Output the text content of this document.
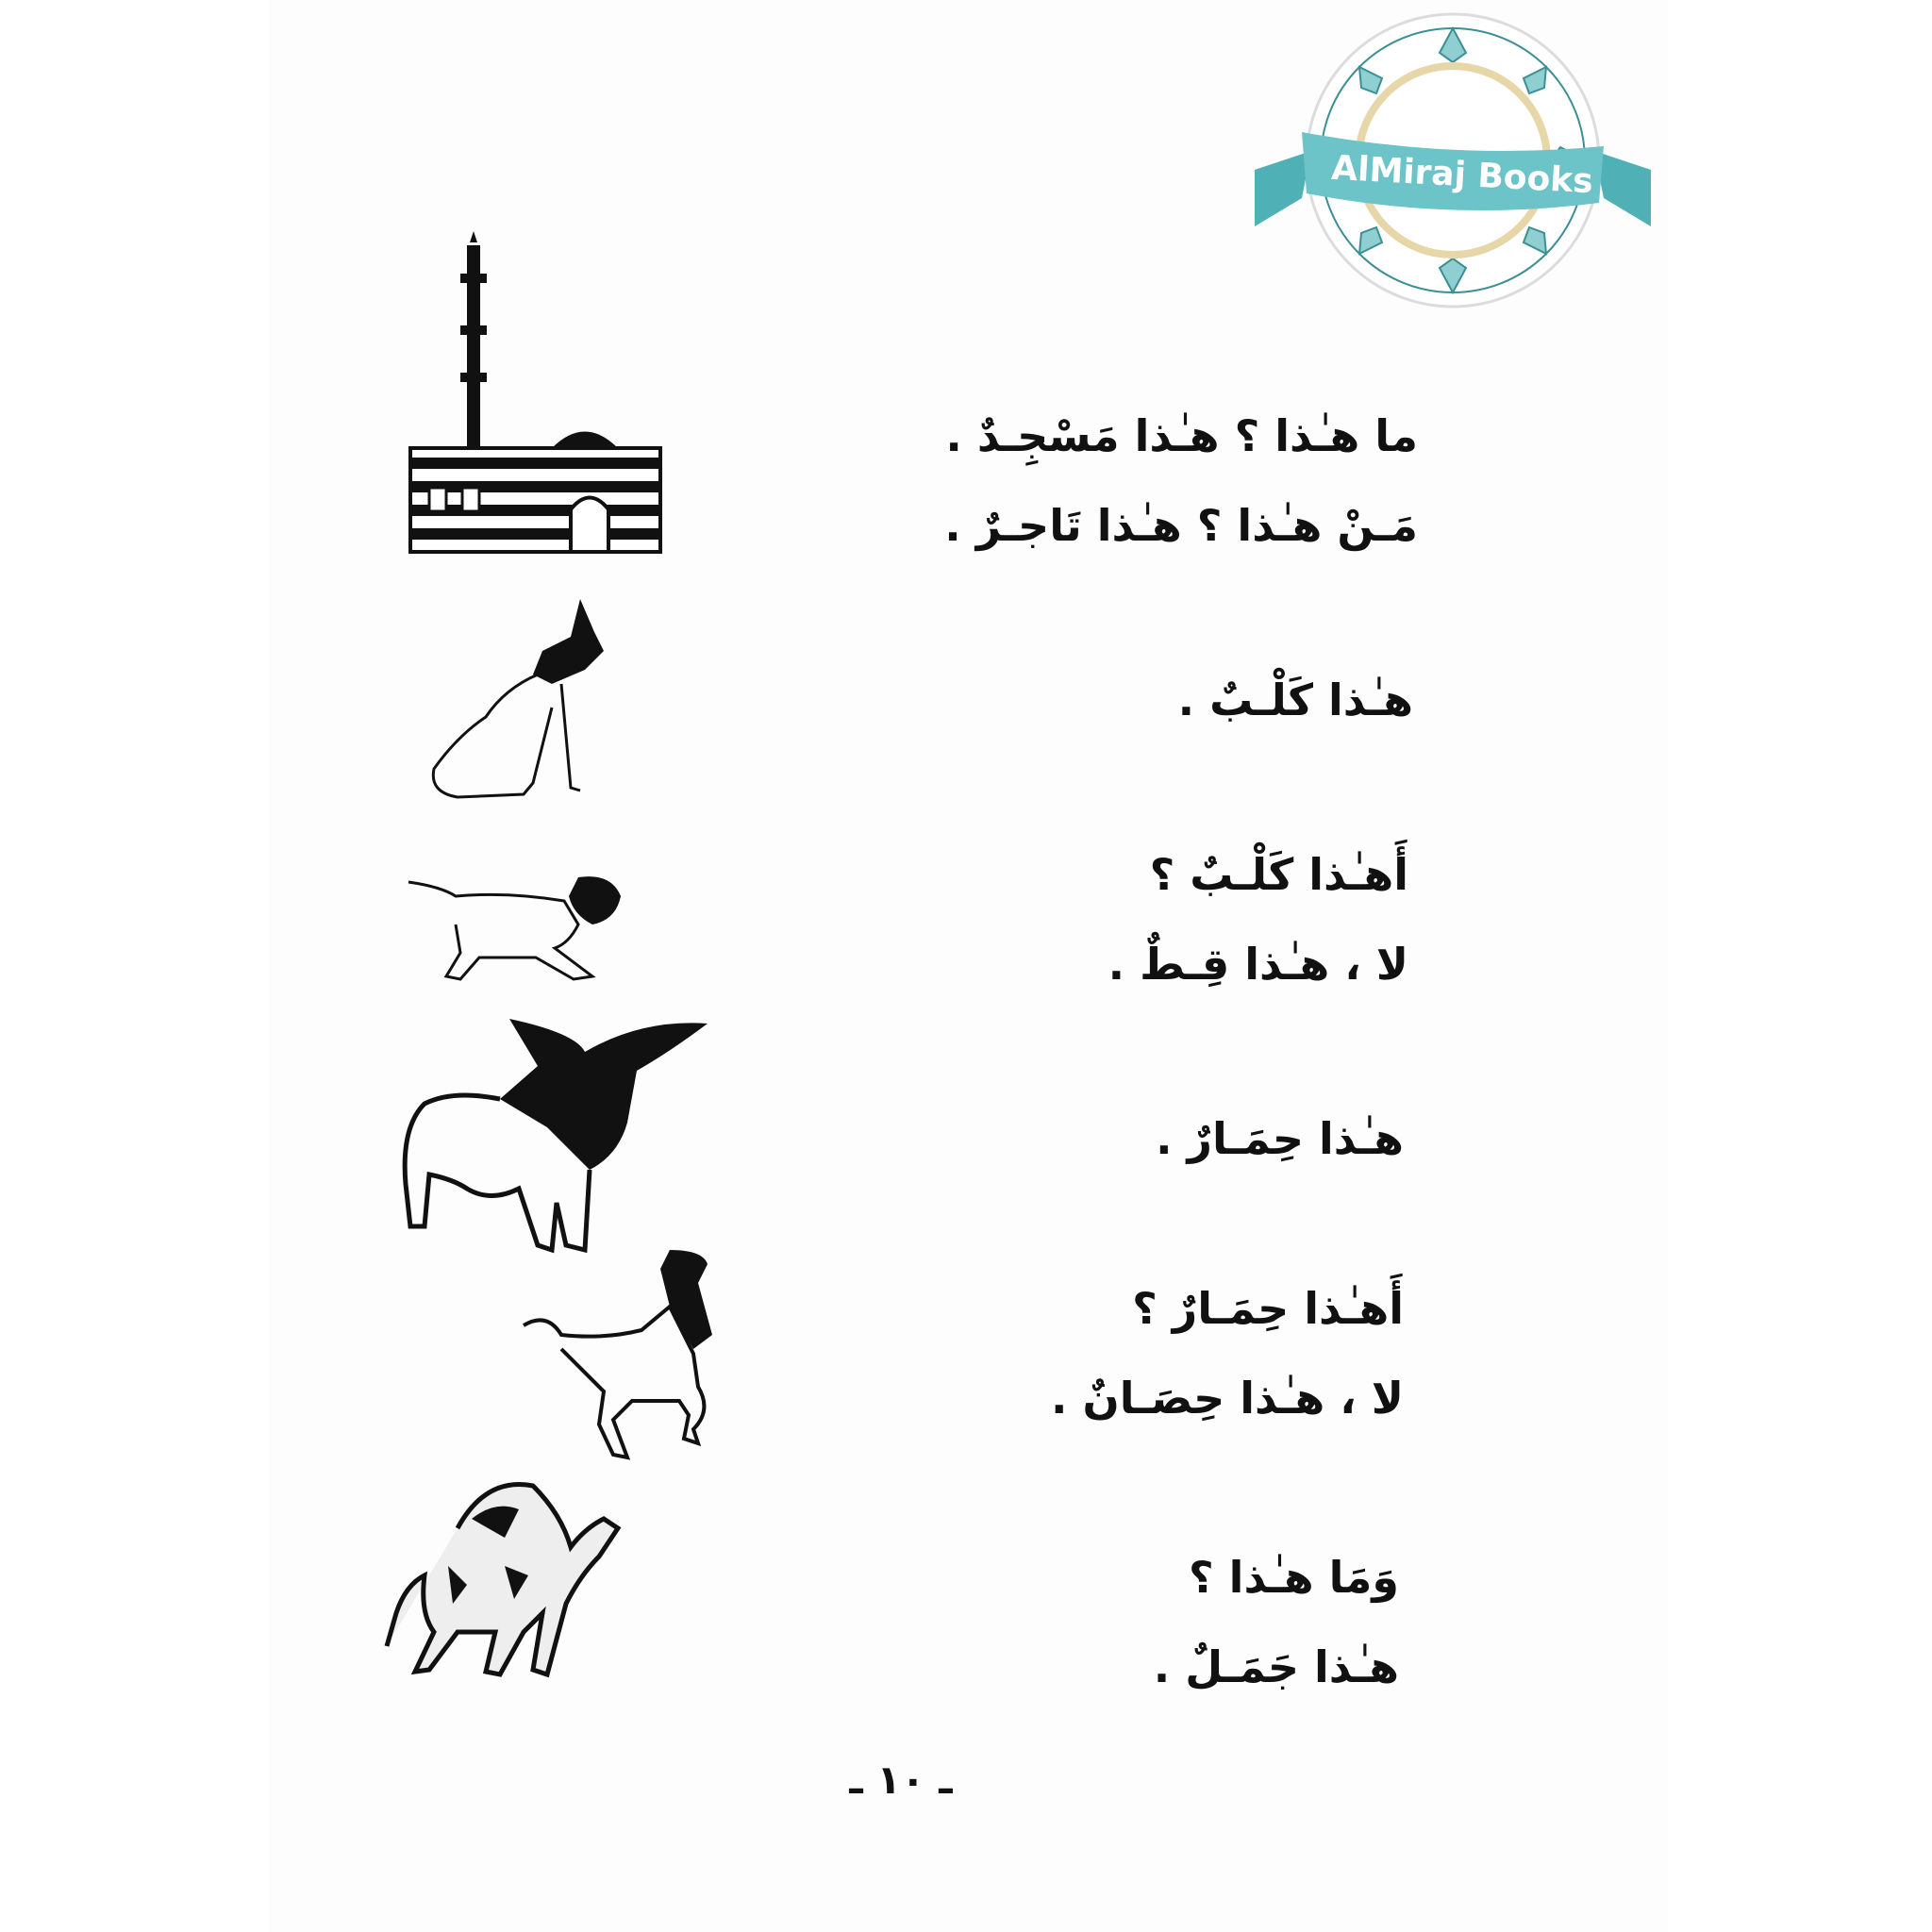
AlMiraj Books
ما هـٰذا ؟ هـٰذا مَسْجِـدٌ .
مَـنْ هـٰذا ؟ هـٰذا تَاجـرٌ .
هـٰذا كَلْـبٌ .
أَهـٰذا كَلْـبٌ ؟
لا ، هـٰذا قِـطٌ .
هـٰذا حِمَـارٌ .
أَهـٰذا حِمَـارٌ ؟
لا ، هـٰذا حِصَـانٌ .
وَمَا هـٰذا ؟
هـٰذا جَمَـلٌ .
ـ ١٠ ـ
